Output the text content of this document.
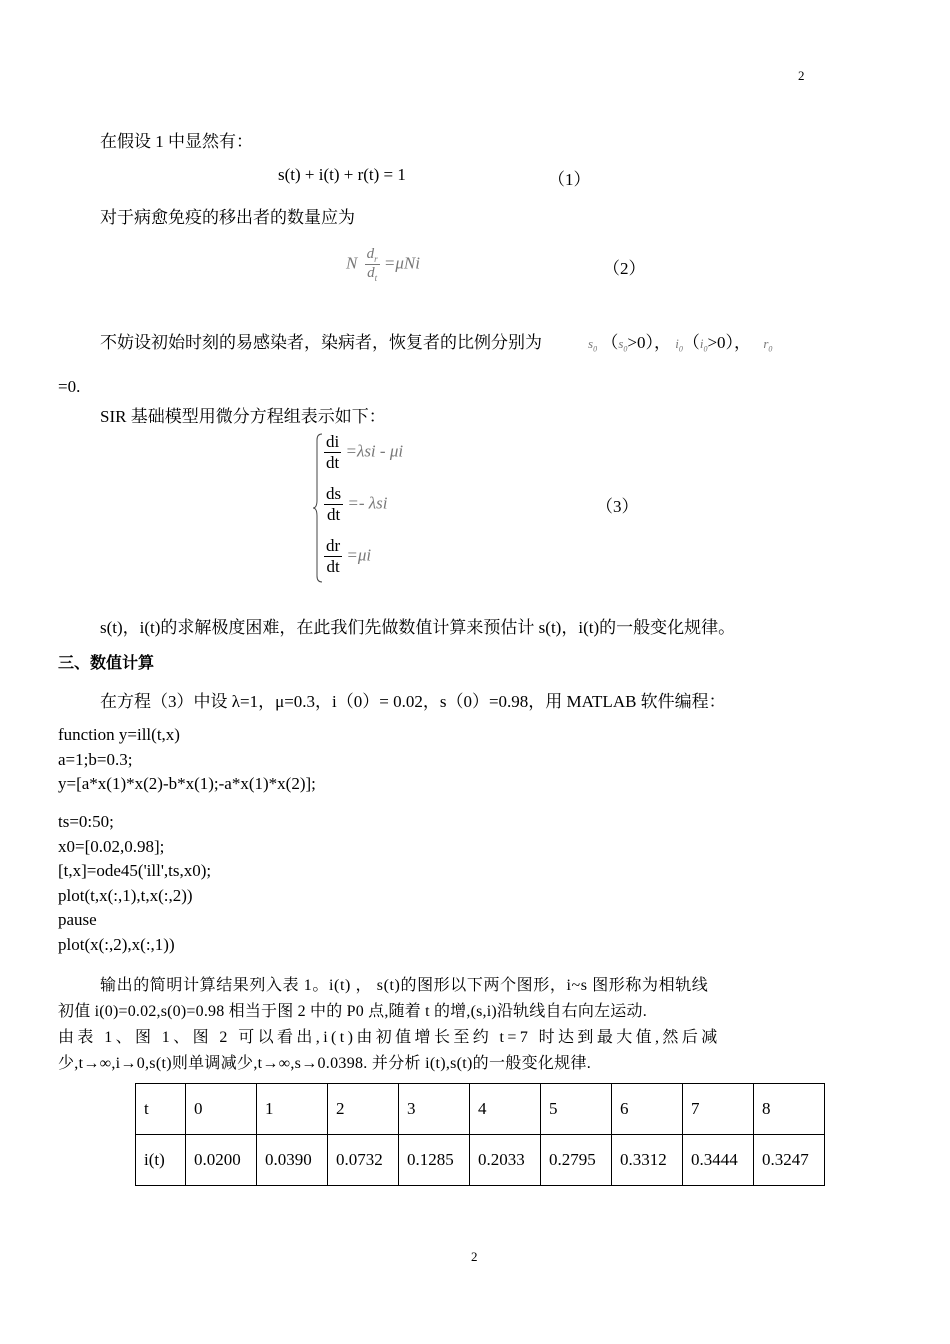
2
在假设 1 中显然有：
s(t) + i(t) + r(t) = 1	（1）
对于病愈免疫的移出者的数量应为
N $\frac{d_r}{d_t} =\mu Ni$	（2）
不妨设初始时刻的易感染者，染病者，恢复者的比例分别为	$s_0$ $(s_0>0)$， $i_0(i_0>0)$， $r_0$
=0.
SIR 基础模型用微分方程组表示如下：
$\frac{di}{dt} =\lambda si - \mu i$
$\frac{ds}{dt} =- \lambda si$
$\frac{dr}{dt} =\mu i$
（3）
s(t)，i(t)的求解极度困难，在此我们先做数值计算来预估计 s(t)，i(t)的一般变化规律。
三、数值计算
在方程（3）中设 λ=1，μ=0.3，i（0）= 0.02，s（0）=0.98，用 MATLAB 软件编程：
function y=ill(t,x)
a=1;b=0.3;
y=[a*x(1)*x(2)-b*x(1);-a*x(1)*x(2)];
ts=0:50;
x0=[0.02,0.98];
[t,x]=ode45('ill',ts,x0);
plot(t,x(:,1),t,x(:,2))
pause
plot(x(:,2),x(:,1))
输出的简明计算结果列入表 1。i(t) ， s(t)的图形以下两个图形，i~s 图形称为相轨线
初值 i(0)=0.02,s(0)=0.98 相当于图 2 中的 P0 点,随着 t 的增,(s,i)沿轨线自右向左运动.
由表 1、图 1、图 2 可以看出,i(t)由初值增长至约 t=7 时达到最大值,然后减
少,t→∞,i→0,s(t)则单调减少,t→∞,s→0.0398. 并分析 i(t),s(t)的一般变化规律.
t	0	1	2	3	4	5	6	7	8
i(t)	0.0200	0.0390	0.0732	0.1285	0.2033	0.2795	0.3312	0.3444	0.3247
2
